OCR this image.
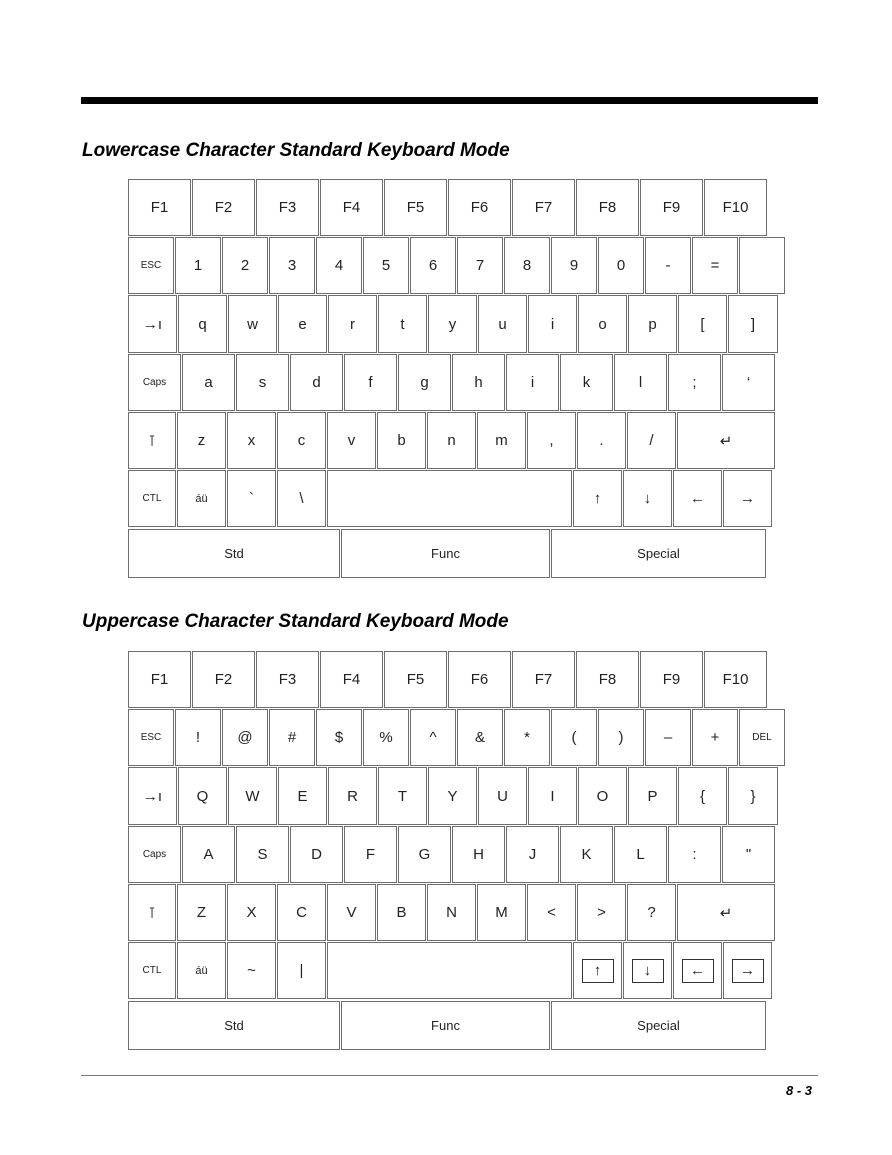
Lowercase Character Standard Keyboard Mode
F1	F2	F3	F4	F5	F6	F7	F8	F9	F10
ESC	1	2	3	4	5	6	7	8	9	0	-	=
→ı	q	w	e	r	t	y	u	i	o	p	[	]
Caps	a	s	d	f	g	h	i	k	l	;	‘
⊺	z	x	c	v	b	n	m	,	.	/	↵
CTL	áü	`	\	↑	↓	←	→
Std	Func	Special
Uppercase Character Standard Keyboard Mode
F1	F2	F3	F4	F5	F6	F7	F8	F9	F10
ESC	!	@	#	$	%	^	&	*	(	)	–	+	DEL
→ı	Q	W	E	R	T	Y	U	I	O	P	{	}
Caps	A	S	D	F	G	H	J	K	L	:	"
⊺	Z	X	C	V	B	N	M	<	>	?	↵
CTL	áü	~	|	↑	↓	←	→
Std	Func	Special
8 - 3
